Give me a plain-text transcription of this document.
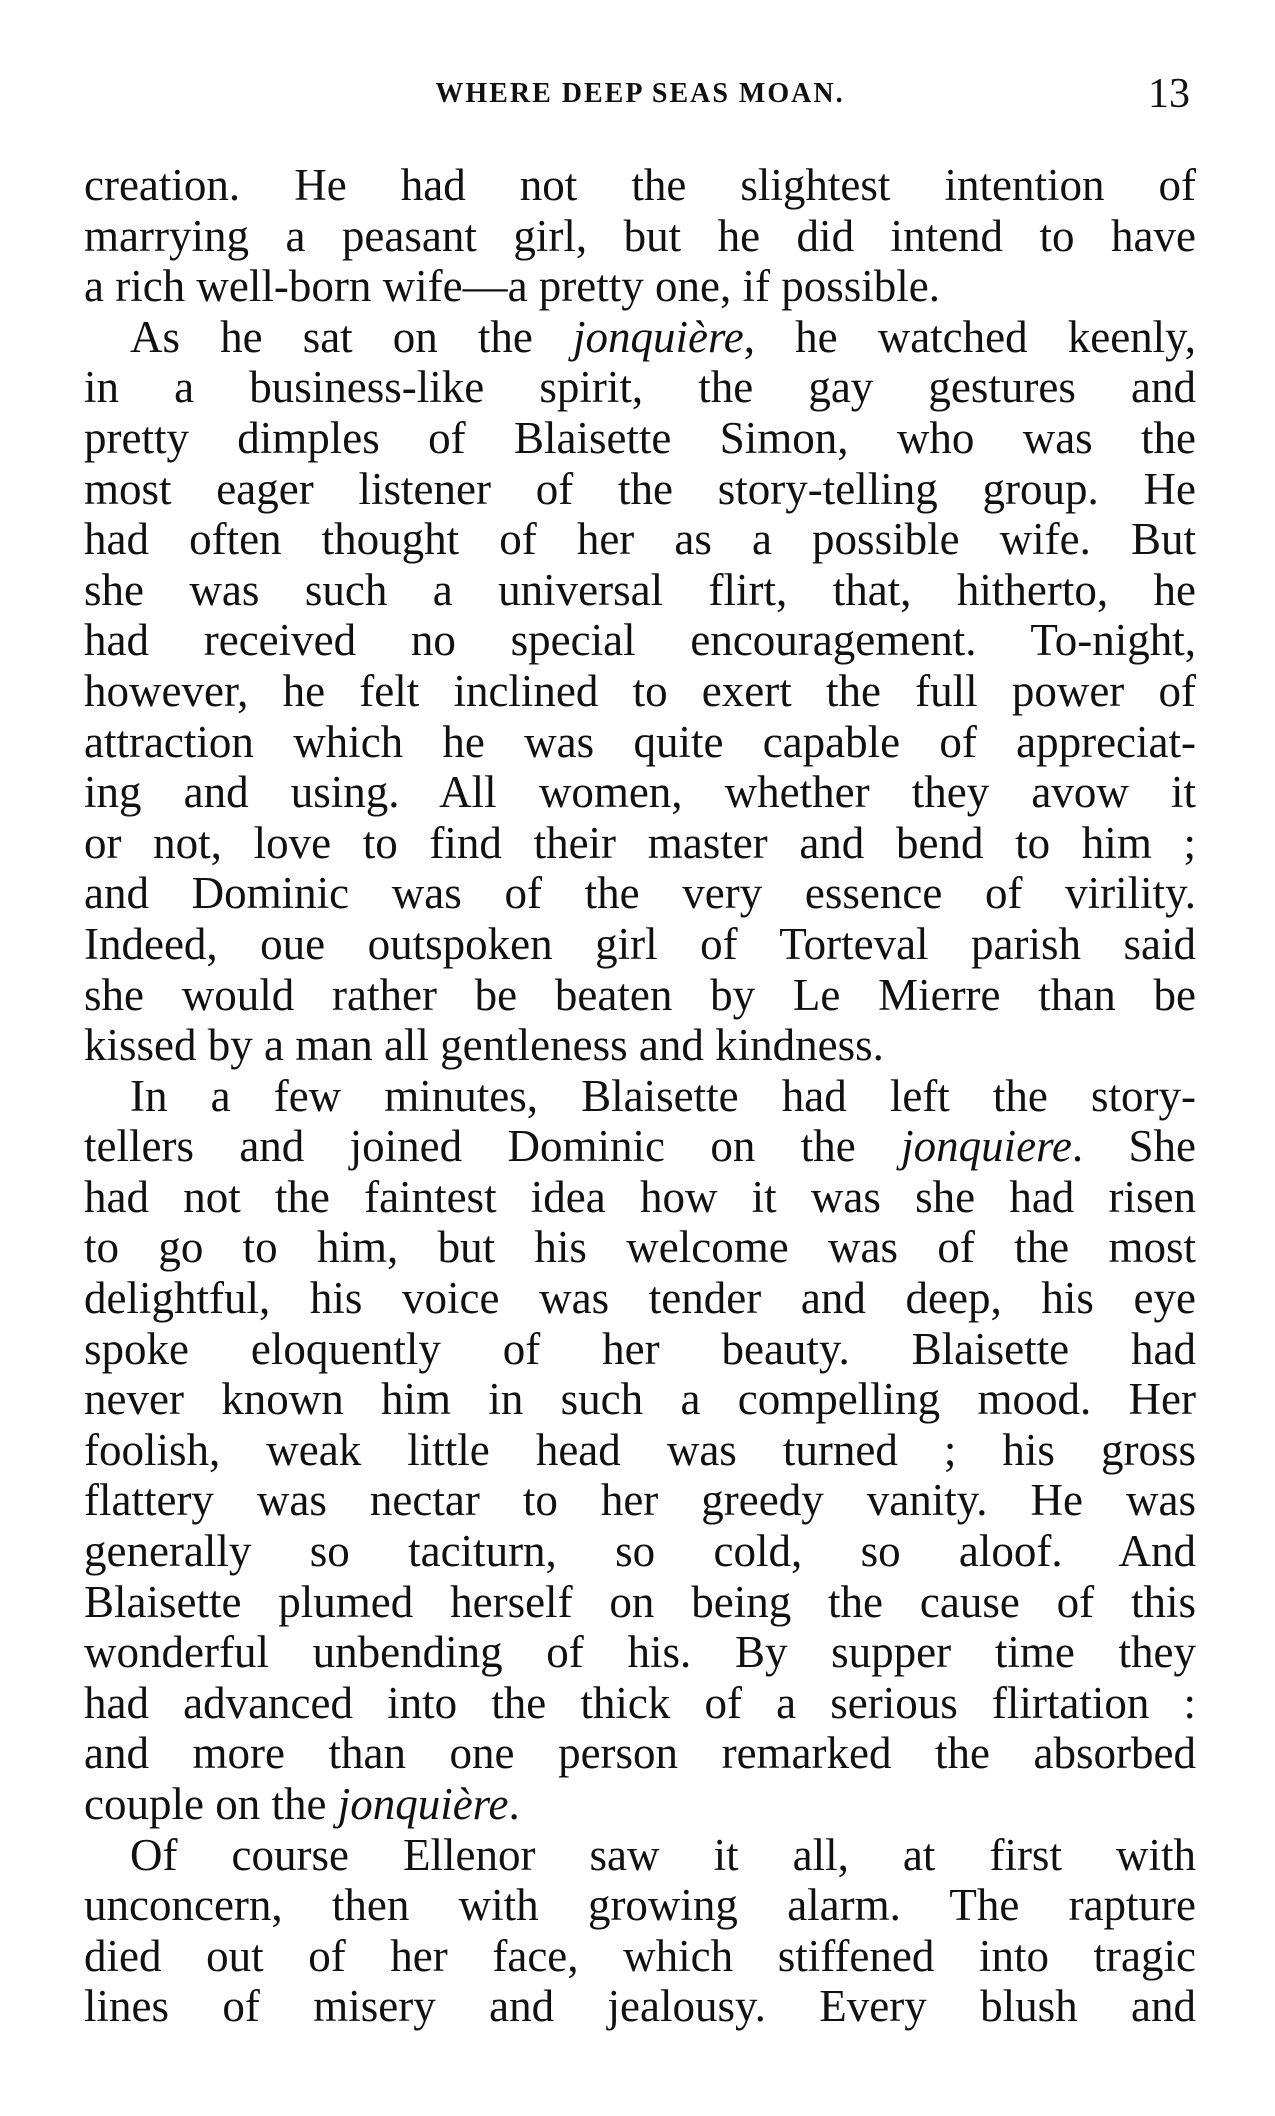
WHERE DEEP SEAS MOAN.	13
creation. He had not the slightest intention of
marrying a peasant girl, but he did intend to have
a rich well-born wife—a pretty one, if possible.
As he sat on the jonquière, he watched keenly,
in a business-like spirit, the gay gestures and
pretty dimples of Blaisette Simon, who was the
most eager listener of the story-telling group. He
had often thought of her as a possible wife. But
she was such a universal flirt, that, hitherto, he
had received no special encouragement. To-night,
however, he felt inclined to exert the full power of
attraction which he was quite capable of appreciat-
ing and using. All women, whether they avow it
or not, love to find their master and bend to him ;
and Dominic was of the very essence of virility.
Indeed, oue outspoken girl of Torteval parish said
she would rather be beaten by Le Mierre than be
kissed by a man all gentleness and kindness.
In a few minutes, Blaisette had left the story-
tellers and joined Dominic on the jonquiere. She
had not the faintest idea how it was she had risen
to go to him, but his welcome was of the most
delightful, his voice was tender and deep, his eye
spoke eloquently of her beauty. Blaisette had
never known him in such a compelling mood. Her
foolish, weak little head was turned ; his gross
flattery was nectar to her greedy vanity. He was
generally so taciturn, so cold, so aloof. And
Blaisette plumed herself on being the cause of this
wonderful unbending of his. By supper time they
had advanced into the thick of a serious flirtation :
and more than one person remarked the absorbed
couple on the jonquière.
Of course Ellenor saw it all, at first with
unconcern, then with growing alarm. The rapture
died out of her face, which stiffened into tragic
lines of misery and jealousy. Every blush and
